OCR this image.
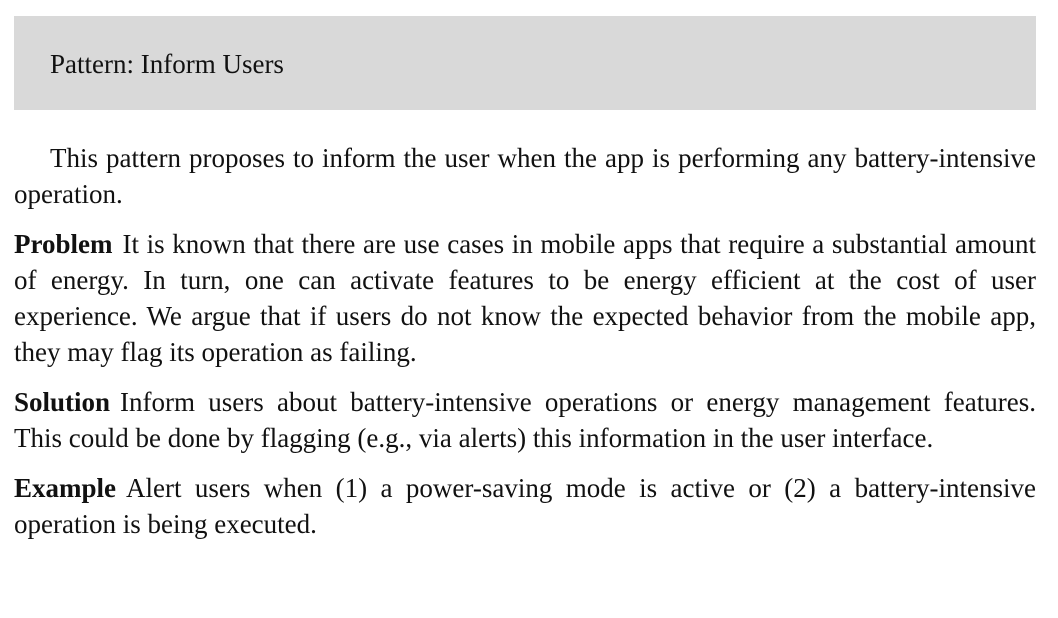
Pattern: Inform Users

This pattern proposes to inform the user when the app is performing any battery-intensive operation.

Problem It is known that there are use cases in mobile apps that require a substantial amount of energy. In turn, one can activate features to be energy efficient at the cost of user experience. We argue that if users do not know the expected behavior from the mobile app, they may flag its operation as failing.

Solution Inform users about battery-intensive operations or energy management features. This could be done by flagging (e.g., via alerts) this information in the user interface.

Example Alert users when (1) a power-saving mode is active or (2) a battery-intensive operation is being executed.
